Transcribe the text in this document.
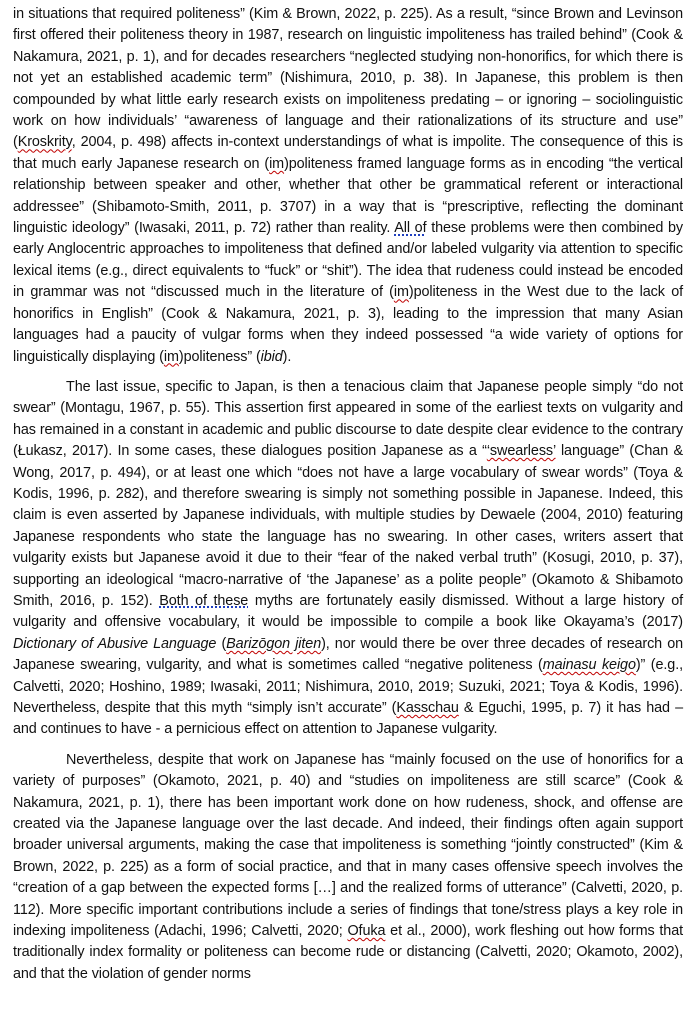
in situations that required politeness” (Kim & Brown, 2022, p. 225). As a result, “since Brown and Levinson first offered their politeness theory in 1987, research on linguistic impoliteness has trailed behind” (Cook & Nakamura, 2021, p. 1), and for decades researchers “neglected studying non-honorifics, for which there is not yet an established academic term” (Nishimura, 2010, p. 38). In Japanese, this problem is then compounded by what little early research exists on impoliteness predating – or ignoring – sociolinguistic work on how individuals’ “awareness of language and their rationalizations of its structure and use” (Kroskrity, 2004, p. 498) affects in-context understandings of what is impolite. The consequence of this is that much early Japanese research on (im)politeness framed language forms as in encoding “the vertical relationship between speaker and other, whether that other be grammatical referent or interactional addressee” (Shibamoto-Smith, 2011, p. 3707) in a way that is “prescriptive, reflecting the dominant linguistic ideology” (Iwasaki, 2011, p. 72) rather than reality. All of these problems were then combined by early Anglocentric approaches to impoliteness that defined and/or labeled vulgarity via attention to specific lexical items (e.g., direct equivalents to “fuck” or “shit”). The idea that rudeness could instead be encoded in grammar was not “discussed much in the literature of (im)politeness in the West due to the lack of honorifics in English” (Cook & Nakamura, 2021, p. 3), leading to the impression that many Asian languages had a paucity of vulgar forms when they indeed possessed “a wide variety of options for linguistically displaying (im)politeness” (ibid).

The last issue, specific to Japan, is then a tenacious claim that Japanese people simply “do not swear” (Montagu, 1967, p. 55). This assertion first appeared in some of the earliest texts on vulgarity and has remained in a constant in academic and public discourse to date despite clear evidence to the contrary (Łukasz, 2017). In some cases, these dialogues position Japanese as a “‘swearless’ language” (Chan & Wong, 2017, p. 494), or at least one which “does not have a large vocabulary of swear words” (Toya & Kodis, 1996, p. 282), and therefore swearing is simply not something possible in Japanese. Indeed, this claim is even asserted by Japanese individuals, with multiple studies by Dewaele (2004, 2010) featuring Japanese respondents who state the language has no swearing. In other cases, writers assert that vulgarity exists but Japanese avoid it due to their “fear of the naked verbal truth” (Kosugi, 2010, p. 37), supporting an ideological “macro-narrative of ‘the Japanese’ as a polite people” (Okamoto & Shibamoto Smith, 2016, p. 152). Both of these myths are fortunately easily dismissed. Without a large history of vulgarity and offensive vocabulary, it would be impossible to compile a book like Okayama’s (2017) Dictionary of Abusive Language (Barizōgon jiten), nor would there be over three decades of research on Japanese swearing, vulgarity, and what is sometimes called “negative politeness (mainasu keigo)” (e.g., Calvetti, 2020; Hoshino, 1989; Iwasaki, 2011; Nishimura, 2010, 2019; Suzuki, 2021; Toya & Kodis, 1996). Nevertheless, despite that this myth “simply isn’t accurate” (Kasschau & Eguchi, 1995, p. 7) it has had – and continues to have - a pernicious effect on attention to Japanese vulgarity.

Nevertheless, despite that work on Japanese has “mainly focused on the use of honorifics for a variety of purposes” (Okamoto, 2021, p. 40) and “studies on impoliteness are still scarce” (Cook & Nakamura, 2021, p. 1), there has been important work done on how rudeness, shock, and offense are created via the Japanese language over the last decade. And indeed, their findings often again support broader universal arguments, making the case that impoliteness is something “jointly constructed” (Kim & Brown, 2022, p. 225) as a form of social practice, and that in many cases offensive speech involves the “creation of a gap between the expected forms […] and the realized forms of utterance” (Calvetti, 2020, p. 112). More specific important contributions include a series of findings that tone/stress plays a key role in indexing impoliteness (Adachi, 1996; Calvetti, 2020; Ofuka et al., 2000), work fleshing out how forms that traditionally index formality or politeness can become rude or distancing (Calvetti, 2020; Okamoto, 2002), and that the violation of gender norms
